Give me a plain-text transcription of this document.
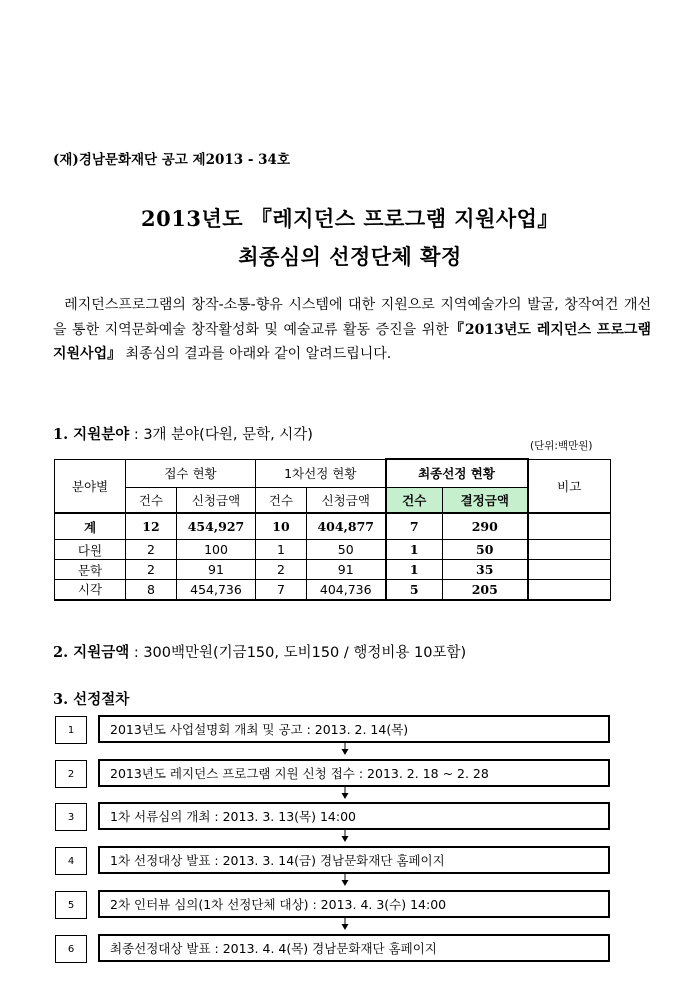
(재)경남문화재단 공고 제2013 - 34호
2013년도 『레지던스 프로그램 지원사업』
최종심의 선정단체 확정
레지던스프로그램의 창작-소통-향유 시스템에 대한 지원으로 지역예술가의 발굴, 창작여건 개선을 통한 지역문화예술 창작활성화 및 예술교류 활동 증진을 위한『2013년도 레지던스 프로그램 지원사업』 최종심의 결과를 아래와 같이 알려드립니다.
1. 지원분야 : 3개 분야(다원, 문학, 시각)
(단위:백만원)
분야별	접수 현황		1차선정 현황		최종선정 현황		비고
	건수	신청금액	건수	신청금액	건수	결정금액	
계	12	454,927	10	404,877	7	290	
다원	2	100	1	50	1	50	
문학	2	91	2	91	1	35	
시각	8	454,736	7	404,736	5	205	
2. 지원금액 : 300백만원(기금150, 도비150 / 행정비용 10포함)
3. 선정절차
1	2013년도 사업설명회 개최 및 공고 : 2013. 2. 14(목)
2	2013년도 레지던스 프로그램 지원 신청 접수 : 2013. 2. 18 ~ 2. 28
3	1차 서류심의 개최 : 2013. 3. 13(목) 14:00
4	1차 선정대상 발표 : 2013. 3. 14(금) 경남문화재단 홈페이지
5	2차 인터뷰 심의(1차 선정단체 대상) : 2013. 4. 3(수) 14:00
6	최종선정대상 발표 : 2013. 4. 4(목) 경남문화재단 홈페이지
